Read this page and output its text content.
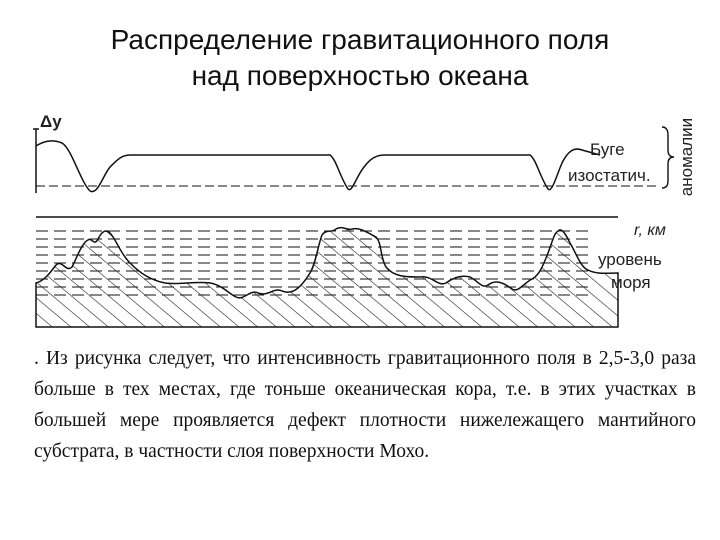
Распределение гравитационного поля
над поверхностью океана
Δу	аномалии
Буге
изостатич.
r, км
уровень
моря
. Из рисунка следует, что интенсивность гравитационного поля в 2,5-3,0 раза больше в тех местах, где тоньше океаническая кора, т.е. в этих участках в большей мере проявляется дефект плотности нижележащего мантийного субстрата, в частности слоя поверхности Мохо.
